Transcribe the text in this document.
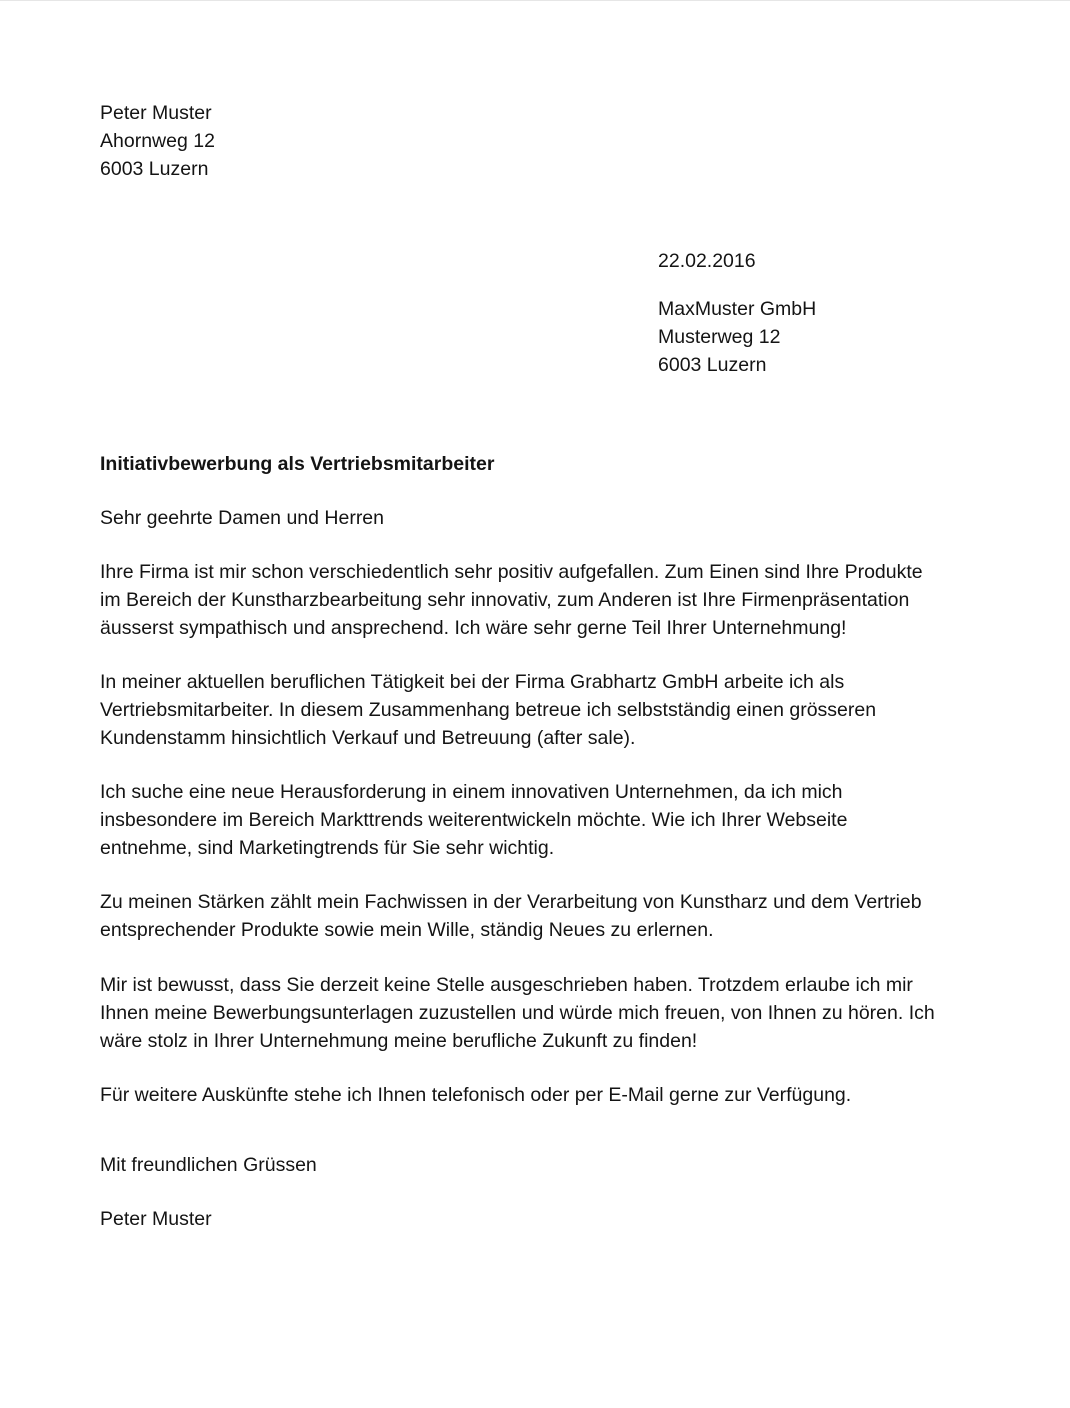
Peter Muster
Ahornweg 12
6003 Luzern
22.02.2016
MaxMuster GmbH
Musterweg 12
6003 Luzern
Initiativbewerbung als Vertriebsmitarbeiter

Sehr geehrte Damen und Herren

Ihre Firma ist mir schon verschiedentlich sehr positiv aufgefallen. Zum Einen sind Ihre Produkte im Bereich der Kunstharzbearbeitung sehr innovativ, zum Anderen ist Ihre Firmenpräsentation äusserst sympathisch und ansprechend. Ich wäre sehr gerne Teil Ihrer Unternehmung!

In meiner aktuellen beruflichen Tätigkeit bei der Firma Grabhartz GmbH arbeite ich als Vertriebsmitarbeiter. In diesem Zusammenhang betreue ich selbstständig einen grösseren Kundenstamm hinsichtlich Verkauf und Betreuung (after sale).

Ich suche eine neue Herausforderung in einem innovativen Unternehmen, da ich mich insbesondere im Bereich Markttrends weiterentwickeln möchte. Wie ich Ihrer Webseite entnehme, sind Marketingtrends für Sie sehr wichtig.

Zu meinen Stärken zählt mein Fachwissen in der Verarbeitung von Kunstharz und dem Vertrieb entsprechender Produkte sowie mein Wille, ständig Neues zu erlernen.

Mir ist bewusst, dass Sie derzeit keine Stelle ausgeschrieben haben. Trotzdem erlaube ich mir Ihnen meine Bewerbungsunterlagen zuzustellen und würde mich freuen, von Ihnen zu hören. Ich wäre stolz in Ihrer Unternehmung meine berufliche Zukunft zu finden!

Für weitere Auskünfte stehe ich Ihnen telefonisch oder per E-Mail gerne zur Verfügung.

Mit freundlichen Grüssen

Peter Muster
